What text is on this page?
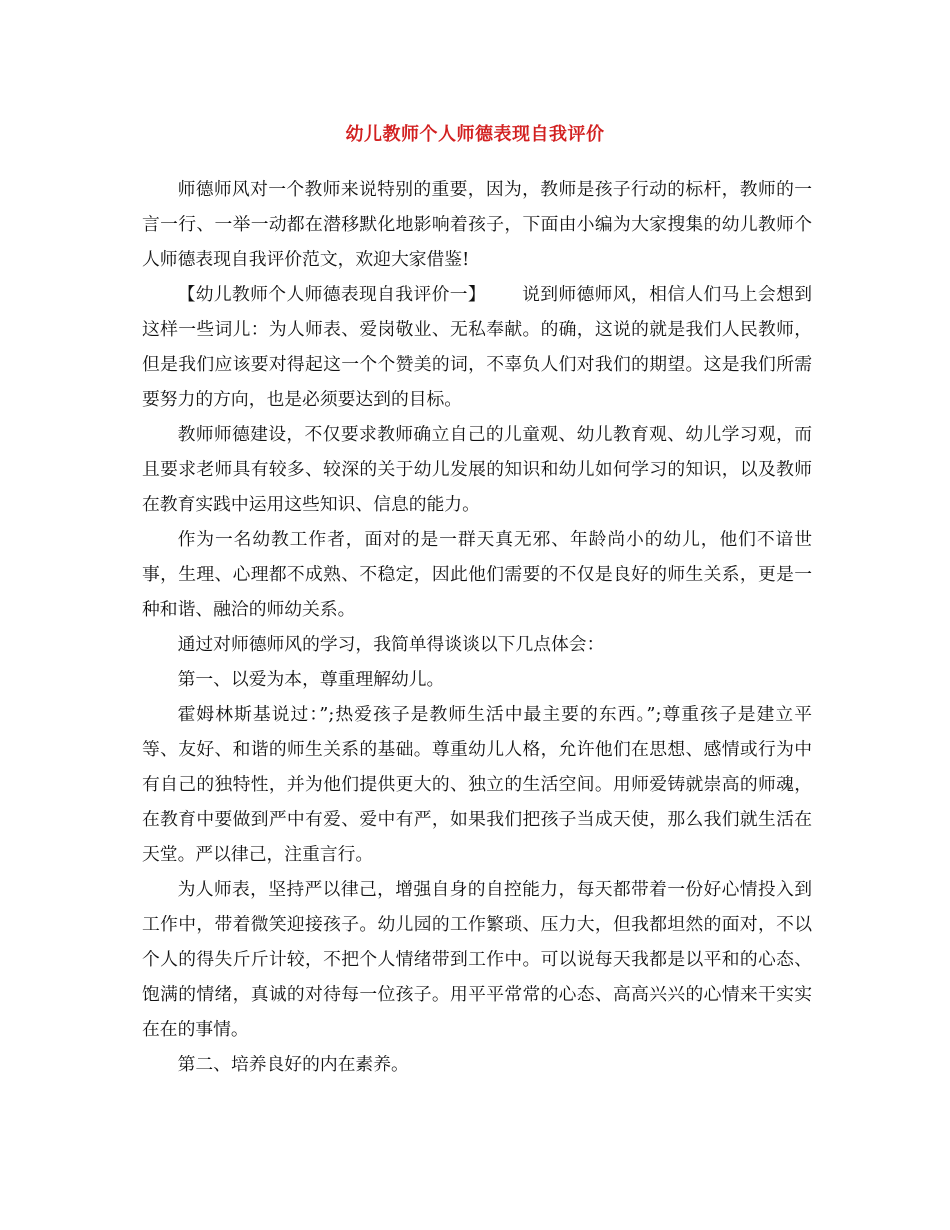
幼儿教师个人师德表现自我评价

师德师风对一个教师来说特别的重要，因为，教师是孩子行动的标杆，教师的一言一行、一举一动都在潜移默化地影响着孩子，下面由小编为大家搜集的幼儿教师个人师德表现自我评价范文，欢迎大家借鉴!

【幼儿教师个人师德表现自我评价一】      说到师德师风，相信人们马上会想到这样一些词儿：为人师表、爱岗敬业、无私奉献。的确，这说的就是我们人民教师，但是我们应该要对得起这一个个赞美的词，不辜负人们对我们的期望。这是我们所需要努力的方向，也是必须要达到的目标。

教师师德建设，不仅要求教师确立自己的儿童观、幼儿教育观、幼儿学习观，而且要求老师具有较多、较深的关于幼儿发展的知识和幼儿如何学习的知识，以及教师在教育实践中运用这些知识、信息的能力。

作为一名幼教工作者，面对的是一群天真无邪、年龄尚小的幼儿，他们不谙世事，生理、心理都不成熟、不稳定，因此他们需要的不仅是良好的师生关系，更是一种和谐、融洽的师幼关系。

通过对师德师风的学习，我简单得谈谈以下几点体会：

第一、以爱为本，尊重理解幼儿。

霍姆林斯基说过：”;热爱孩子是教师生活中最主要的东西。”;尊重孩子是建立平等、友好、和谐的师生关系的基础。尊重幼儿人格，允许他们在思想、感情或行为中有自己的独特性，并为他们提供更大的、独立的生活空间。用师爱铸就崇高的师魂，在教育中要做到严中有爱、爱中有严，如果我们把孩子当成天使，那么我们就生活在天堂。严以律己，注重言行。

为人师表，坚持严以律己，增强自身的自控能力，每天都带着一份好心情投入到工作中，带着微笑迎接孩子。幼儿园的工作繁琐、压力大，但我都坦然的面对，不以个人的得失斤斤计较，不把个人情绪带到工作中。可以说每天我都是以平和的心态、饱满的情绪，真诚的对待每一位孩子。用平平常常的心态、高高兴兴的心情来干实实在在的事情。

第二、培养良好的内在素养。
